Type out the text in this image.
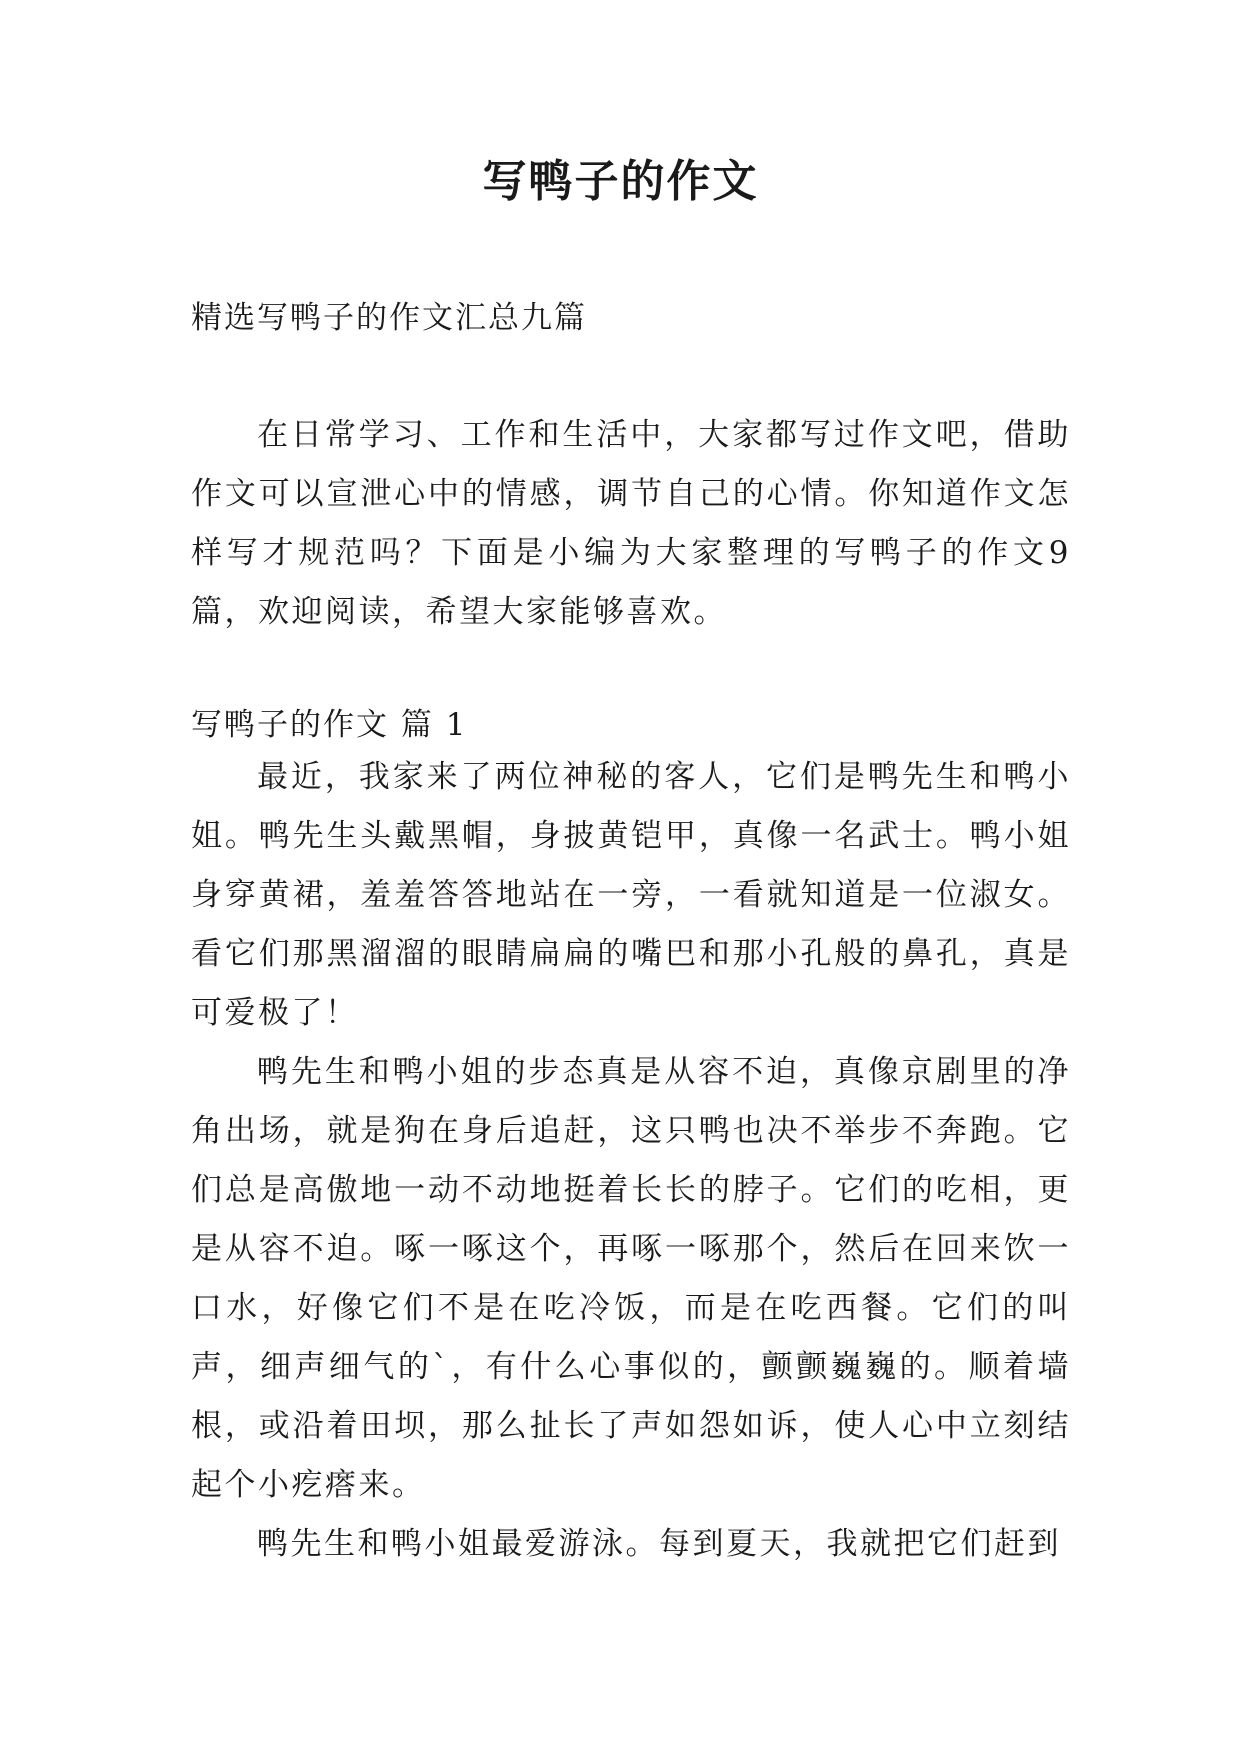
写鸭子的作文
精选写鸭子的作文汇总九篇

在日常学习、工作和生活中，大家都写过作文吧，借助作文可以宣泄心中的情感，调节自己的心情。你知道作文怎样写才规范吗？下面是小编为大家整理的写鸭子的作文9篇，欢迎阅读，希望大家能够喜欢。

写鸭子的作文 篇 1

最近，我家来了两位神秘的客人，它们是鸭先生和鸭小姐。鸭先生头戴黑帽，身披黄铠甲，真像一名武士。鸭小姐身穿黄裙，羞羞答答地站在一旁，一看就知道是一位淑女。看它们那黑溜溜的眼睛扁扁的嘴巴和那小孔般的鼻孔，真是可爱极了！

鸭先生和鸭小姐的步态真是从容不迫，真像京剧里的净角出场，就是狗在身后追赶，这只鸭也决不举步不奔跑。它们总是高傲地一动不动地挺着长长的脖子。它们的吃相，更是从容不迫。啄一啄这个，再啄一啄那个，然后在回来饮一口水，好像它们不是在吃冷饭，而是在吃西餐。它们的叫声，细声细气的`，有什么心事似的，颤颤巍巍的。顺着墙根，或沿着田坝，那么扯长了声如怨如诉，使人心中立刻结起个小疙瘩来。

鸭先生和鸭小姐最爱游泳。每到夏天，我就把它们赶到
